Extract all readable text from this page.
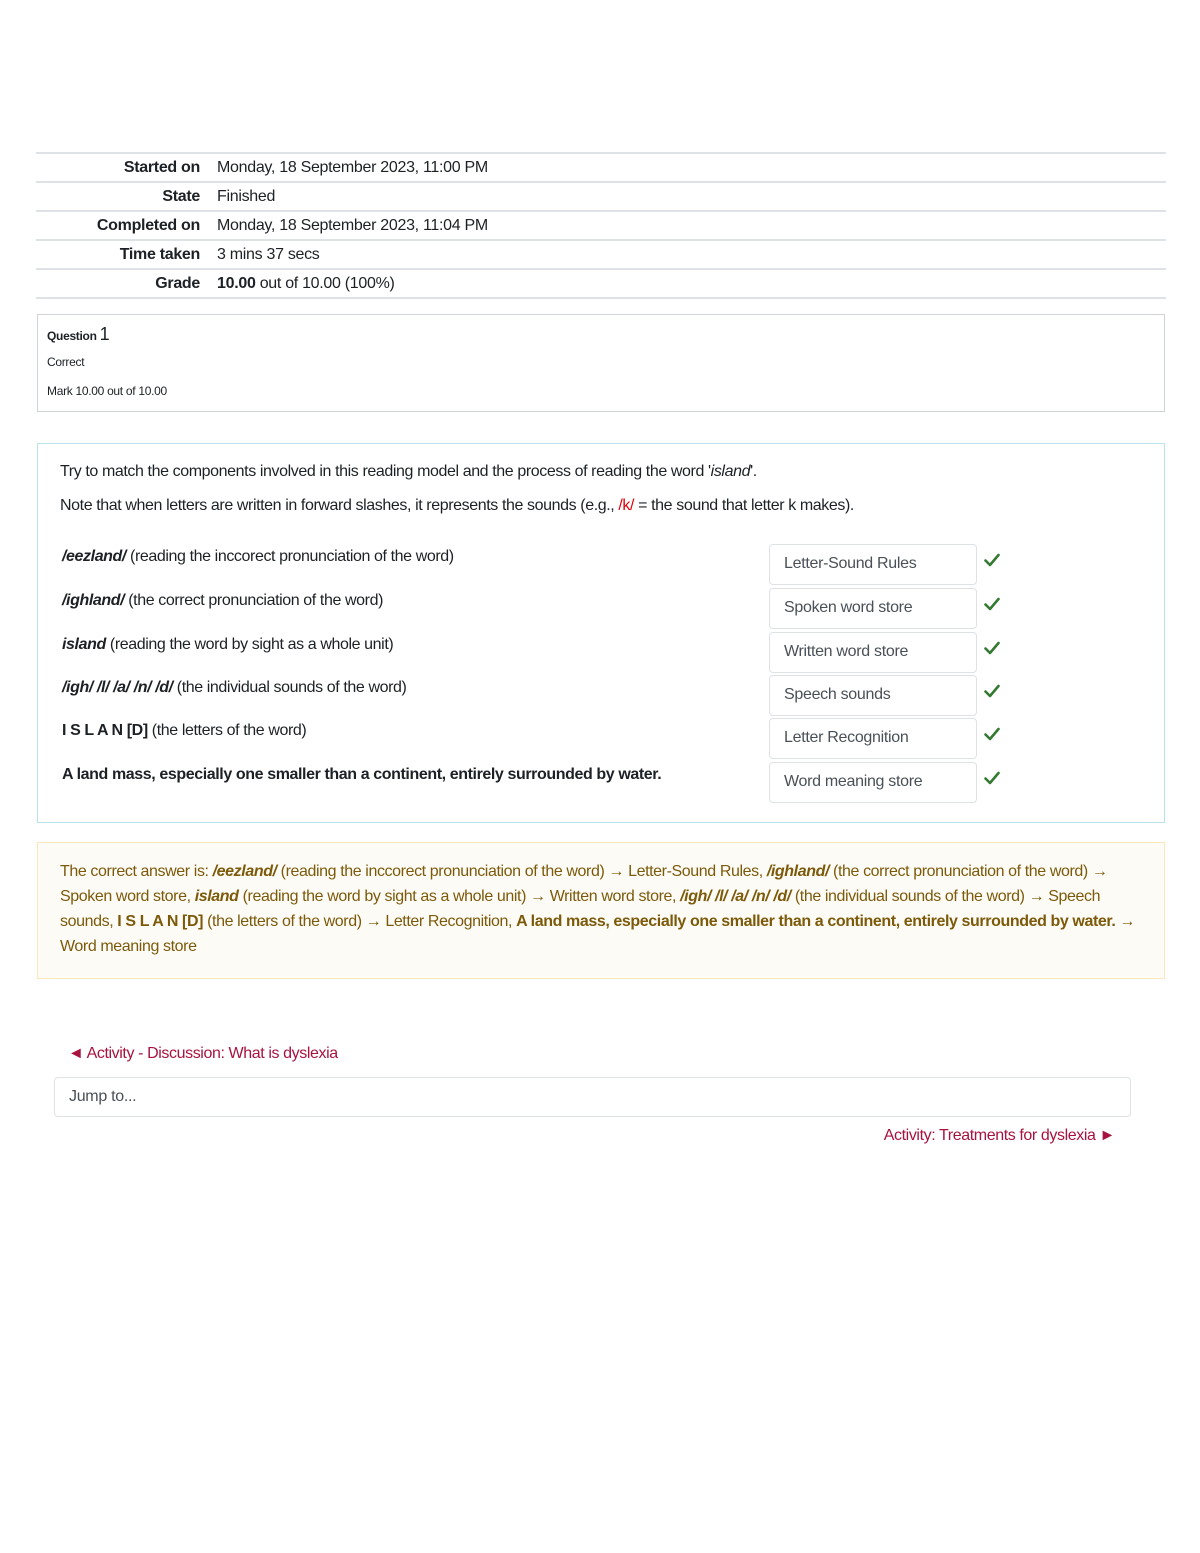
Started on	Monday, 18 September 2023, 11:00 PM
State	Finished
Completed on	Monday, 18 September 2023, 11:04 PM
Time taken	3 mins 37 secs
Grade	10.00 out of 10.00 (100%)
Question 1
Correct
Mark 10.00 out of 10.00

Try to match the components involved in this reading model and the process of reading the word 'island'.

Note that when letters are written in forward slashes, it represents the sounds (e.g., /k/ = the sound that letter k makes).

/eezland/ (reading the inccorect pronunciation of the word)	Letter-Sound Rules
/ighland/ (the correct pronunciation of the word)	Spoken word store
island (reading the word by sight as a whole unit)	Written word store
/igh/ /l/ /a/ /n/ /d/ (the individual sounds of the word)	Speech sounds
I S L A N [D] (the letters of the word)	Letter Recognition
A land mass, especially one smaller than a continent, entirely surrounded by water.	Word meaning store
The correct answer is: /eezland/ (reading the inccorect pronunciation of the word) → Letter-Sound Rules, /ighland/ (the correct pronunciation of the word) → Spoken word store, island (reading the word by sight as a whole unit) → Written word store, /igh/ /l/ /a/ /n/ /d/ (the individual sounds of the word) → Speech sounds, I S L A N [D] (the letters of the word) → Letter Recognition, A land mass, especially one smaller than a continent, entirely surrounded by water. → Word meaning store
◄ Activity - Discussion: What is dyslexia
Jump to...
Activity: Treatments for dyslexia ►
